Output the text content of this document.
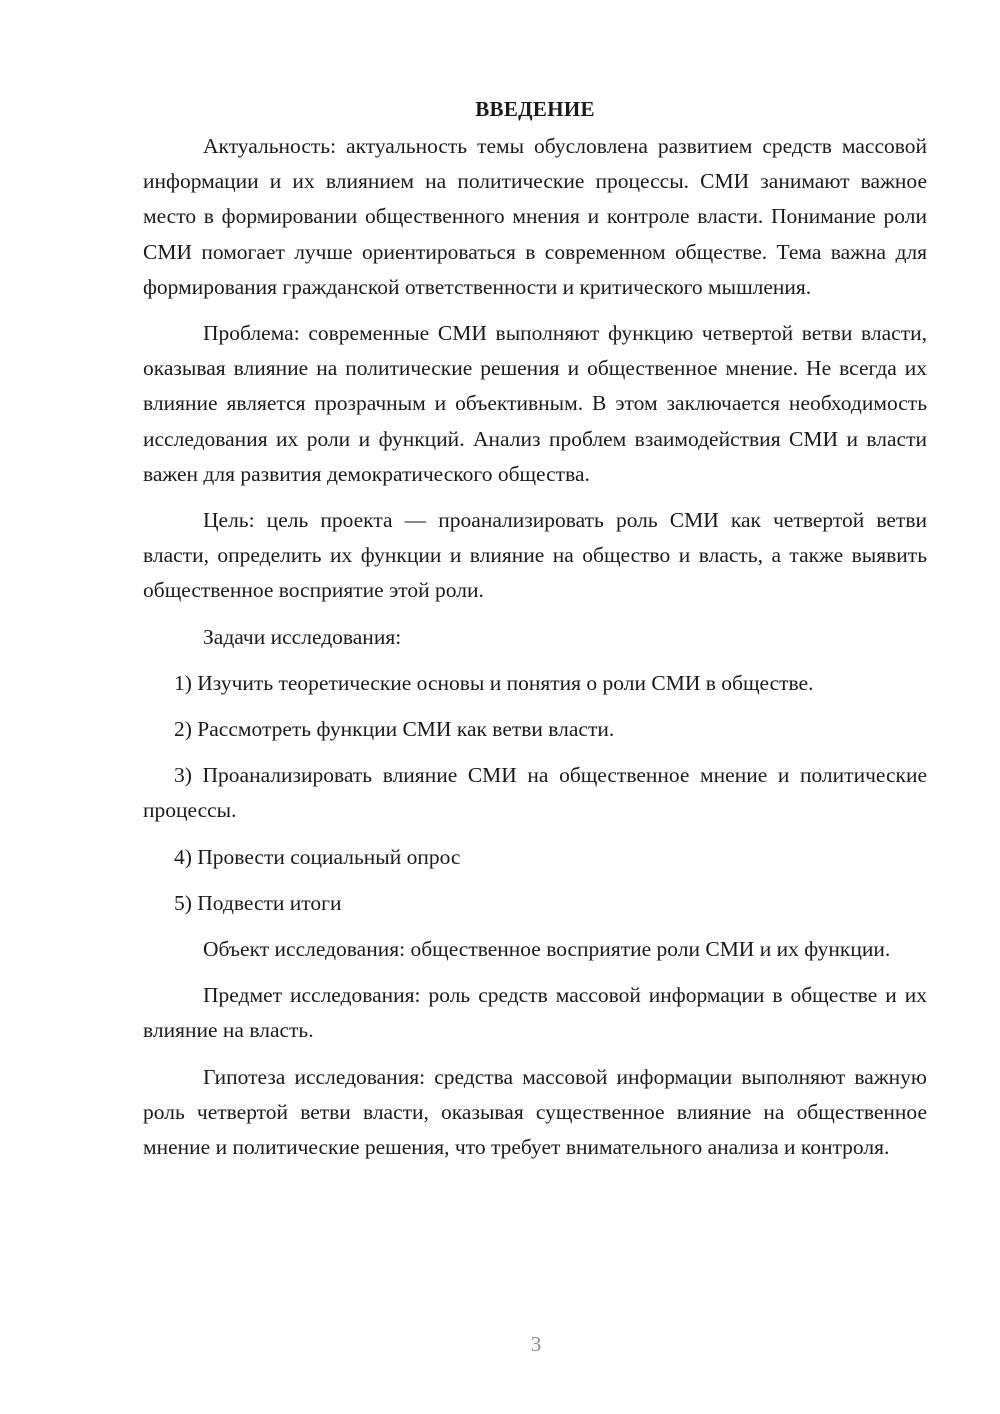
ВВЕДЕНИЕ

Актуальность: актуальность темы обусловлена развитием средств массовой информации и их влиянием на политические процессы. СМИ занимают важное место в формировании общественного мнения и контроле власти. Понимание роли СМИ помогает лучше ориентироваться в современном обществе. Тема важна для формирования гражданской ответственности и критического мышления.

Проблема: современные СМИ выполняют функцию четвертой ветви власти, оказывая влияние на политические решения и общественное мнение. Не всегда их влияние является прозрачным и объективным. В этом заключается необходимость исследования их роли и функций. Анализ проблем взаимодействия СМИ и власти важен для развития демократического общества.

Цель: цель проекта — проанализировать роль СМИ как четвертой ветви власти, определить их функции и влияние на общество и власть, а также выявить общественное восприятие этой роли.

Задачи исследования:

1) Изучить теоретические основы и понятия о роли СМИ в обществе.

2) Рассмотреть функции СМИ как ветви власти.

3) Проанализировать влияние СМИ на общественное мнение и политические процессы.

4) Провести социальный опрос

5) Подвести итоги

Объект исследования: общественное восприятие роли СМИ и их функции.

Предмет исследования: роль средств массовой информации в обществе и их влияние на власть.

Гипотеза исследования: средства массовой информации выполняют важную роль четвертой ветви власти, оказывая существенное влияние на общественное мнение и политические решения, что требует внимательного анализа и контроля.

3
